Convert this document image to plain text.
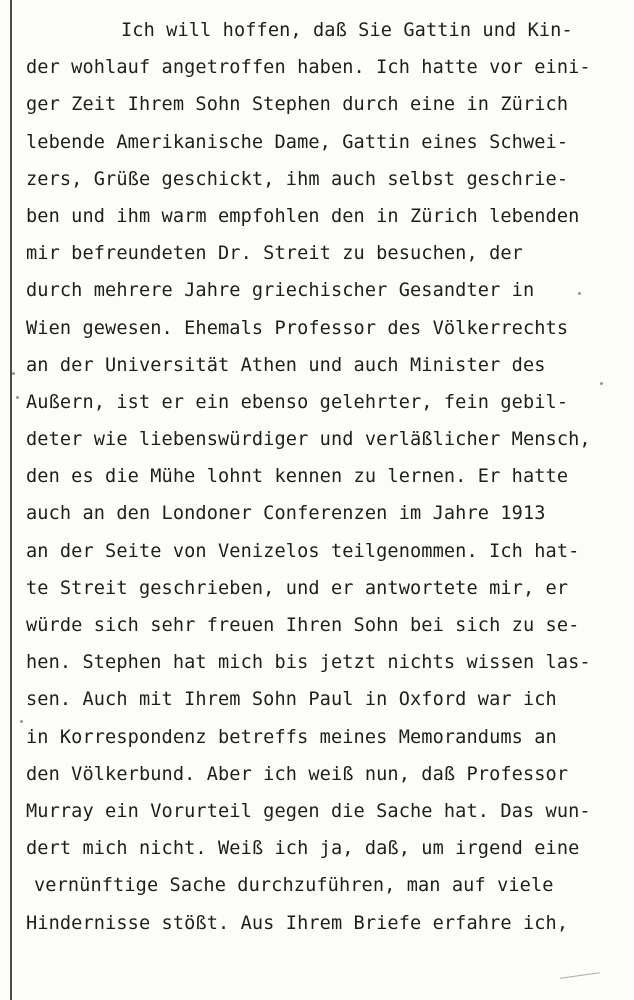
Ich will hoffen, daß Sie Gattin und Kin-
der wohlauf angetroffen haben. Ich hatte vor eini-
ger Zeit Ihrem Sohn Stephen durch eine in Zürich
lebende Amerikanische Dame, Gattin eines Schwei-
zers, Grüße geschickt, ihm auch selbst geschrie-
ben und ihm warm empfohlen den in Zürich lebenden
mir befreundeten Dr. Streit zu besuchen, der
durch mehrere Jahre griechischer Gesandter in
Wien gewesen. Ehemals Professor des Völkerrechts
an der Universität Athen und auch Minister des
Außern, ist er ein ebenso gelehrter, fein gebil-
deter wie liebenswürdiger und verläßlicher Mensch,
den es die Mühe lohnt kennen zu lernen. Er hatte
auch an den Londoner Conferenzen im Jahre 1913
an der Seite von Venizelos teilgenommen. Ich hat-
te Streit geschrieben, und er antwortete mir, er
würde sich sehr freuen Ihren Sohn bei sich zu se-
hen. Stephen hat mich bis jetzt nichts wissen las-
sen. Auch mit Ihrem Sohn Paul in Oxford war ich
in Korrespondenz betreffs meines Memorandums an
den Völkerbund. Aber ich weiß nun, daß Professor
Murray ein Vorurteil gegen die Sache hat. Das wun-
dert mich nicht. Weiß ich ja, daß, um irgend eine
vernünftige Sache durchzuführen, man auf viele
Hindernisse stößt. Aus Ihrem Briefe erfahre ich,
